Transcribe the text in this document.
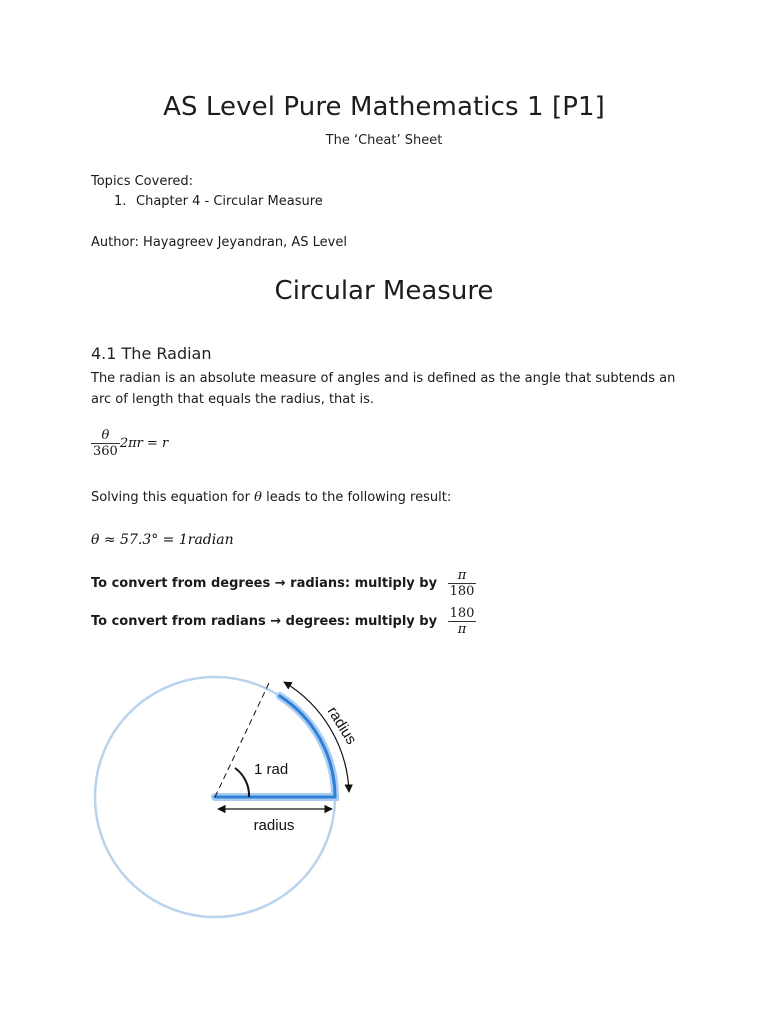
AS Level Pure Mathematics 1 [P1]
The ‘Cheat’ Sheet
Topics Covered:
1. Chapter 4 - Circular Measure
Author: Hayagreev Jeyandran, AS Level
Circular Measure
4.1 The Radian
The radian is an absolute measure of angles and is defined as the angle that subtends an arc of length that equals the radius, that is.
$\frac{\theta}{360} 2\pi r = r$
Solving this equation for θ leads to the following result:
θ ≈ 57.3° = 1radian
To convert from degrees → radians: multiply by $\frac{\pi}{180}$
To convert from radians → degrees: multiply by $\frac{180}{\pi}$
1 rad
radius
radius
